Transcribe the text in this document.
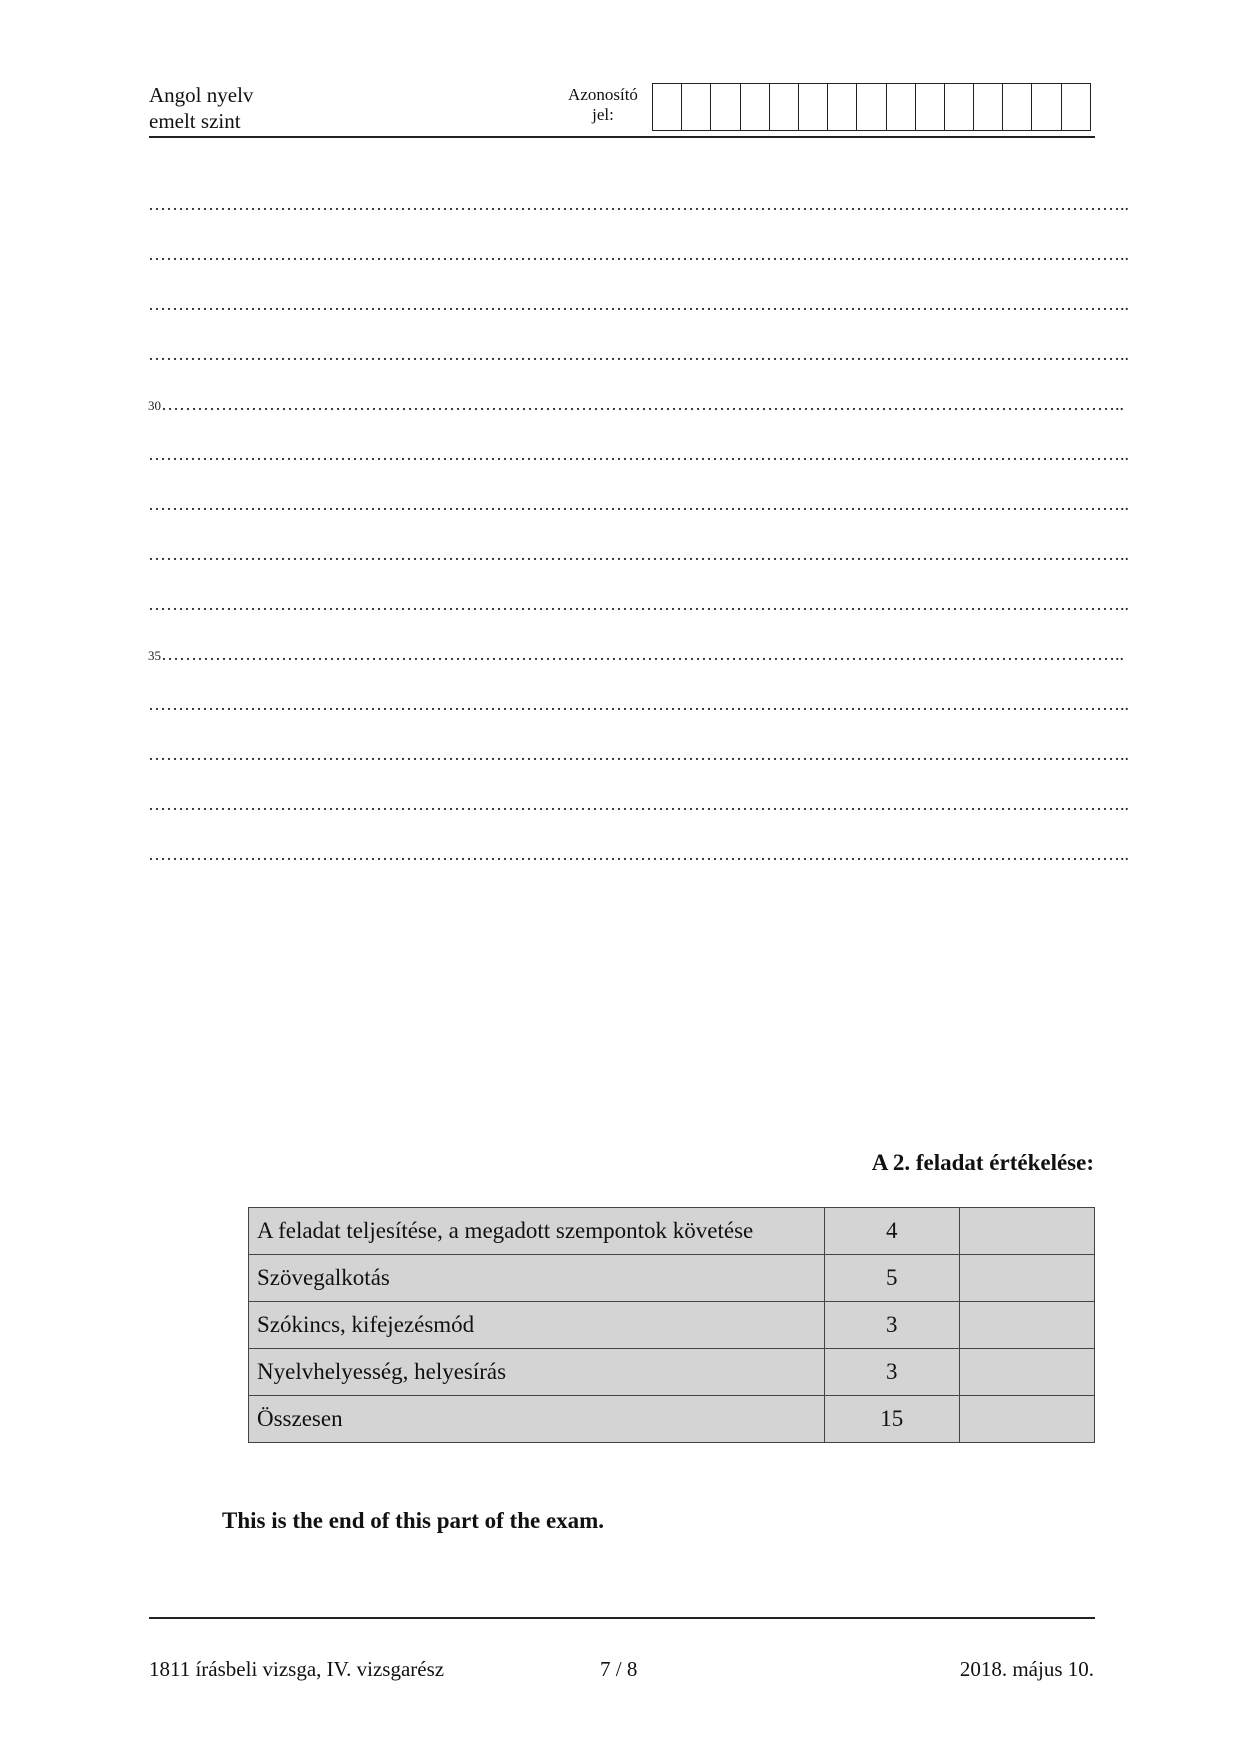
Angol nyelv
emelt szint
Azonosító
jel:
………………………………………………………………………………………………………………………………………………..
………………………………………………………………………………………………………………………………………………..
………………………………………………………………………………………………………………………………………………..
………………………………………………………………………………………………………………………………………………..
30……………………………………………………………………………………………………………………………………………..
………………………………………………………………………………………………………………………………………………..
………………………………………………………………………………………………………………………………………………..
………………………………………………………………………………………………………………………………………………..
………………………………………………………………………………………………………………………………………………..
35……………………………………………………………………………………………………………………………………………..
………………………………………………………………………………………………………………………………………………..
………………………………………………………………………………………………………………………………………………..
………………………………………………………………………………………………………………………………………………..
………………………………………………………………………………………………………………………………………………..
A 2. feladat értékelése:
A feladat teljesítése, a megadott szempontok követése	4	
Szövegalkotás	5	
Szókincs, kifejezésmód	3	
Nyelvhelyesség, helyesírás	3	
Összesen	15	
This is the end of this part of the exam.
1811 írásbeli vizsga, IV. vizsgarész	7 / 8	2018. május 10.
